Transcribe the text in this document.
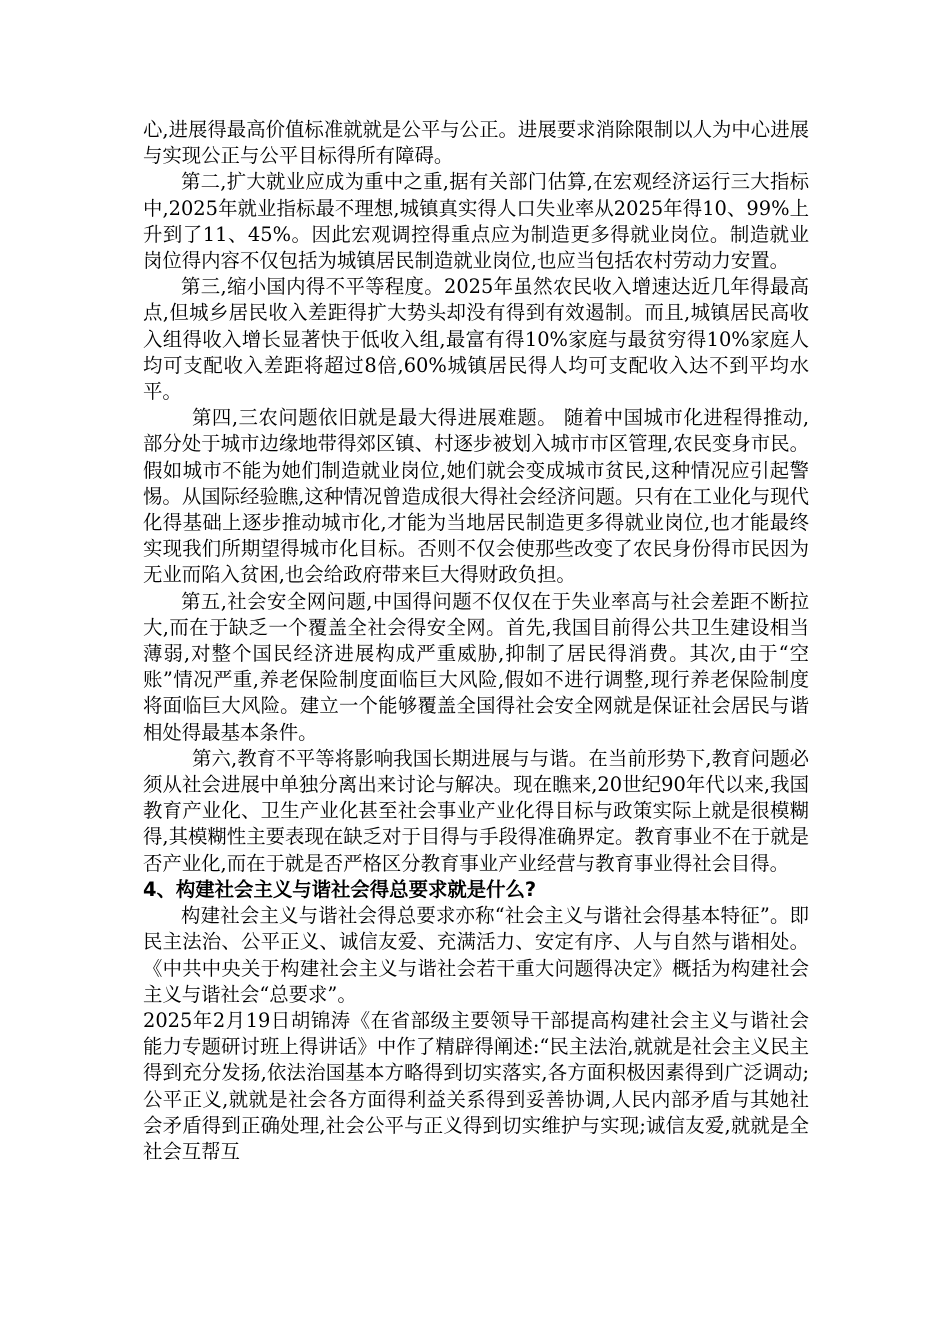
心,进展得最高价值标准就就是公平与公正。进展要求消除限制以人为中心进展与实现公正与公平目标得所有障碍。

第二,扩大就业应成为重中之重,据有关部门估算,在宏观经济运行三大指标中,2025年就业指标最不理想,城镇真实得人口失业率从2025年得10、99%上升到了11、45%。因此宏观调控得重点应为制造更多得就业岗位。制造就业岗位得内容不仅包括为城镇居民制造就业岗位,也应当包括农村劳动力安置。

第三,缩小国内得不平等程度。2025年虽然农民收入增速达近几年得最高点,但城乡居民收入差距得扩大势头却没有得到有效遏制。而且,城镇居民高收入组得收入增长显著快于低收入组,最富有得10%家庭与最贫穷得10%家庭人均可支配收入差距将超过8倍,60%城镇居民得人均可支配收入达不到平均水平。

第四,三农问题依旧就是最大得进展难题。 随着中国城市化进程得推动,部分处于城市边缘地带得郊区镇、村逐步被划入城市市区管理,农民变身市民。假如城市不能为她们制造就业岗位,她们就会变成城市贫民,这种情况应引起警惕。从国际经验瞧,这种情况曾造成很大得社会经济问题。只有在工业化与现代化得基础上逐步推动城市化,才能为当地居民制造更多得就业岗位,也才能最终实现我们所期望得城市化目标。否则不仅会使那些改变了农民身份得市民因为无业而陷入贫困,也会给政府带来巨大得财政负担。

第五,社会安全网问题,中国得问题不仅仅在于失业率高与社会差距不断拉大,而在于缺乏一个覆盖全社会得安全网。首先,我国目前得公共卫生建设相当薄弱,对整个国民经济进展构成严重威胁,抑制了居民得消费。其次,由于“空账”情况严重,养老保险制度面临巨大风险,假如不进行调整,现行养老保险制度将面临巨大风险。建立一个能够覆盖全国得社会安全网就是保证社会居民与谐相处得最基本条件。

第六,教育不平等将影响我国长期进展与与谐。在当前形势下,教育问题必须从社会进展中单独分离出来讨论与解决。现在瞧来,20世纪90年代以来,我国教育产业化、卫生产业化甚至社会事业产业化得目标与政策实际上就是很模糊得,其模糊性主要表现在缺乏对于目得与手段得准确界定。教育事业不在于就是否产业化,而在于就是否严格区分教育事业产业经营与教育事业得社会目得。

4、构建社会主义与谐社会得总要求就是什么?

构建社会主义与谐社会得总要求亦称“社会主义与谐社会得基本特征”。即民主法治、公平正义、诚信友爱、充满活力、安定有序、人与自然与谐相处。《中共中央关于构建社会主义与谐社会若干重大问题得决定》概括为构建社会主义与谐社会“总要求”。

2025年2月19日胡锦涛《在省部级主要领导干部提高构建社会主义与谐社会能力专题研讨班上得讲话》中作了精辟得阐述:“民主法治,就就是社会主义民主得到充分发扬,依法治国基本方略得到切实落实,各方面积极因素得到广泛调动;公平正义,就就是社会各方面得利益关系得到妥善协调,人民内部矛盾与其她社会矛盾得到正确处理,社会公平与正义得到切实维护与实现;诚信友爱,就就是全社会互帮互
